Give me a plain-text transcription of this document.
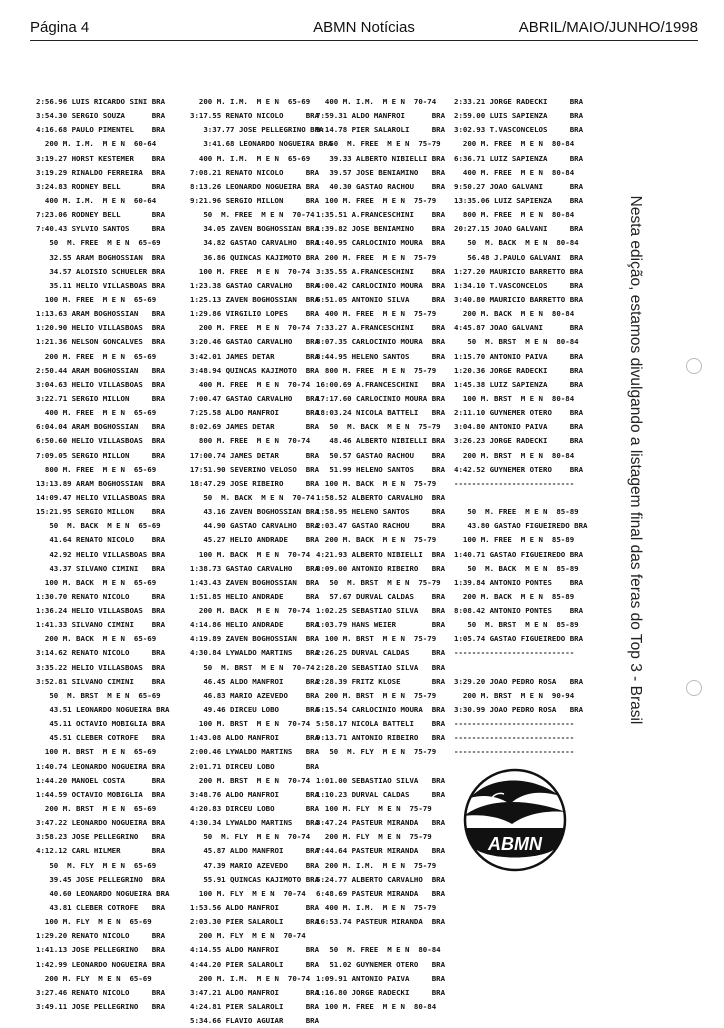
Página 4	ABMN Notícias	ABRIL/MAIO/JUNHO/1998
2:56.96 LUIS RICARDO SINI BRA
3:54.30 SERGIO SOUZA      BRA
4:16.68 PAULO PIMENTEL    BRA
200 M. I.M.  M E N  60-64
3:19.27 HORST KESTEMER    BRA
3:19.29 RINALDO FERREIRA  BRA
3:24.83 RODNEY BELL       BRA
400 M. I.M.  M E N  60-64
7:23.06 RODNEY BELL       BRA
7:40.43 SYLVIO SANTOS     BRA
50  M. FREE  M E N  65-69
32.55 ARAM BOGHOSSIAN  BRA
34.57 ALOISIO SCHUELER BRA
35.11 HELIO VILLASBOAS BRA
100 M. FREE  M E N  65-69
1:13.63 ARAM BOGHOSSIAN   BRA
1:20.90 HELIO VILLASBOAS  BRA
1:21.36 NELSON GONCALVES  BRA
200 M. FREE  M E N  65-69
2:50.44 ARAM BOGHOSSIAN   BRA
3:04.63 HELIO VILLASBOAS  BRA
3:22.71 SERGIO MILLON     BRA
400 M. FREE  M E N  65-69
6:04.04 ARAM BOGHOSSIAN   BRA
6:50.60 HELIO VILLASBOAS  BRA
7:09.05 SERGIO MILLON     BRA
800 M. FREE  M E N  65-69
13:13.89 ARAM BOGHOSSIAN  BRA
14:09.47 HELIO VILLASBOAS BRA
15:21.95 SERGIO MILLON    BRA
50  M. BACK  M E N  65-69
41.64 RENATO NICOLO    BRA
42.92 HELIO VILLASBOAS BRA
43.37 SILVANO CIMINI   BRA
100 M. BACK  M E N  65-69
1:30.70 RENATO NICOLO     BRA
1:36.24 HELIO VILLASBOAS  BRA
1:41.33 SILVANO CIMINI    BRA
200 M. BACK  M E N  65-69
3:14.62 RENATO NICOLO     BRA
3:35.22 HELIO VILLASBOAS  BRA
3:52.81 SILVANO CIMINI    BRA
50  M. BRST  M E N  65-69
43.51 LEONARDO NOGUEIRA BRA
45.11 OCTAVIO MOBIGLIA BRA
45.51 CLEBER COTROFE   BRA
100 M. BRST  M E N  65-69
1:40.74 LEONARDO NOGUEIRA BRA
1:44.20 MANOEL COSTA      BRA
1:44.59 OCTAVIO MOBIGLIA  BRA
200 M. BRST  M E N  65-69
3:47.22 LEONARDO NOGUEIRA BRA
3:58.23 JOSE PELLEGRINO   BRA
4:12.12 CARL HILMER       BRA
50  M. FLY  M E N  65-69
39.45 JOSE PELLEGRINO  BRA
40.60 LEONARDO NOGUEIRA BRA
43.81 CLEBER COTROFE   BRA
100 M. FLY  M E N  65-69
1:29.20 RENATO NICOLO     BRA
1:41.13 JOSE PELLEGRINO   BRA
1:42.99 LEONARDO NOGUEIRA BRA
200 M. FLY  M E N  65-69
3:27.46 RENATO NICOLO     BRA
3:49.11 JOSE PELLEGRINO   BRA
200 M. I.M.  M E N  65-69
3:17.55 RENATO NICOLO     BRA
3:37.77 JOSE PELLEGRINO BRA
3:41.68 LEONARDO NOGUEIRA BRA
400 M. I.M.  M E N  65-69
7:08.21 RENATO NICOLO     BRA
8:13.26 LEONARDO NOGUEIRA BRA
9:21.96 SERGIO MILLON     BRA
50  M. FREE  M E N  70-74
34.05 ZAVEN BOGHOSSIAN BRA
34.82 GASTAO CARVALHO  BRA
36.86 QUINCAS KAJIMOTO BRA
100 M. FREE  M E N  70-74
1:23.38 GASTAO CARVALHO   BRA
1:25.13 ZAVEN BOGHOSSIAN  BRA
1:29.86 VIRGILIO LOPES    BRA
200 M. FREE  M E N  70-74
3:20.46 GASTAO CARVALHO   BRA
3:42.01 JAMES DETAR       BRA
3:48.94 QUINCAS KAJIMOTO  BRA
400 M. FREE  M E N  70-74
7:00.47 GASTAO CARVALHO   BRA
7:25.58 ALDO MANFROI      BRA
8:02.69 JAMES DETAR       BRA
800 M. FREE  M E N  70-74
17:00.74 JAMES DETAR      BRA
17:51.90 SEVERINO VELOSO  BRA
18:47.29 JOSE RIBEIRO     BRA
50  M. BACK  M E N  70-74
43.16 ZAVEN BOGHOSSIAN BRA
44.90 GASTAO CARVALHO  BRA
45.27 HELIO ANDRADE    BRA
100 M. BACK  M E N  70-74
1:38.73 GASTAO CARVALHO   BRA
1:43.43 ZAVEN BOGHOSSIAN  BRA
1:51.85 HELIO ANDRADE     BRA
200 M. BACK  M E N  70-74
4:14.86 HELIO ANDRADE     BRA
4:19.89 ZAVEN BOGHOSSIAN  BRA
4:30.84 LYWALDO MARTINS   BRA
50  M. BRST  M E N  70-74
46.45 ALDO MANFROI     BRA
46.83 MARIO AZEVEDO    BRA
49.46 DIRCEU LOBO      BRA
100 M. BRST  M E N  70-74
1:43.08 ALDO MANFROI      BRA
2:00.46 LYWALDO MARTINS   BRA
2:01.71 DIRCEU LOBO       BRA
200 M. BRST  M E N  70-74
3:48.76 ALDO MANFROI      BRA
4:20.83 DIRCEU LOBO       BRA
4:30.34 LYWALDO MARTINS   BRA
50  M. FLY  M E N  70-74
45.87 ALDO MANFROI     BRA
47.39 MARIO AZEVEDO    BRA
55.91 QUINCAS KAJIMOTO BRA
100 M. FLY  M E N  70-74
1:53.56 ALDO MANFROI      BRA
2:03.30 PIER SALAROLI     BRA
200 M. FLY  M E N  70-74
4:14.55 ALDO MANFROI      BRA
4:44.20 PIER SALAROLI     BRA
200 M. I.M.  M E N  70-74
3:47.21 ALDO MANFROI      BRA
4:24.81 PIER SALAROLI     BRA
5:34.66 FLAVIO AGUIAR     BRA
400 M. I.M.  M E N  70-74
7:59.31 ALDO MANFROI      BRA
9:14.78 PIER SALAROLI     BRA
50  M. FREE  M E N  75-79
39.33 ALBERTO NIBIELLI BRA
39.57 JOSE BENIAMINO   BRA
40.30 GASTAO RACHOU    BRA
100 M. FREE  M E N  75-79
1:35.51 A.FRANCESCHINI    BRA
1:39.82 JOSE BENIAMINO    BRA
1:40.95 CARLOCINIO MOURA  BRA
200 M. FREE  M E N  75-79
3:35.55 A.FRANCESCHINI    BRA
4:00.42 CARLOCINIO MOURA  BRA
6:51.05 ANTONIO SILVA     BRA
400 M. FREE  M E N  75-79
7:33.27 A.FRANCESCHINI    BRA
8:07.35 CARLOCINIO MOURA  BRA
8:44.95 HELENO SANTOS     BRA
800 M. FREE  M E N  75-79
16:00.69 A.FRANCESCHINI   BRA
17:17.60 CARLOCINIO MOURA BRA
18:03.24 NICOLA BATTELI   BRA
50  M. BACK  M E N  75-79
48.46 ALBERTO NIBIELLI BRA
50.57 GASTAO RACHOU    BRA
51.99 HELENO SANTOS    BRA
100 M. BACK  M E N  75-79
1:58.52 ALBERTO CARVALHO  BRA
1:58.95 HELENO SANTOS     BRA
2:03.47 GASTAO RACHOU     BRA
200 M. BACK  M E N  75-79
4:21.93 ALBERTO NIBIELLI  BRA
8:09.00 ANTONIO RIBEIRO   BRA
50  M. BRST  M E N  75-79
57.67 DURVAL CALDAS    BRA
1:02.25 SEBASTIAO SILVA   BRA
1:03.79 HANS WEIER        BRA
100 M. BRST  M E N  75-79
2:26.25 DURVAL CALDAS     BRA
2:28.20 SEBASTIAO SILVA   BRA
2:28.39 FRITZ KLOSE       BRA
200 M. BRST  M E N  75-79
5:15.54 CARLOCINIO MOURA  BRA
5:58.17 NICOLA BATTELI    BRA
9:13.71 ANTONIO RIBEIRO   BRA
50  M. FLY  M E N  75-79
1:01.00 SEBASTIAO SILVA   BRA
1:10.23 DURVAL CALDAS     BRA
100 M. FLY  M E N  75-79
3:47.24 PASTEUR MIRANDA   BRA
200 M. FLY  M E N  75-79
7:44.64 PASTEUR MIRANDA   BRA
200 M. I.M.  M E N  75-79
5:24.77 ALBERTO CARVALHO  BRA
6:48.69 PASTEUR MIRANDA   BRA
400 M. I.M.  M E N  75-79
16:53.74 PASTEUR MIRANDA  BRA
50  M. FREE  M E N  80-84
51.02 GUYNEMER OTERO   BRA
1:09.91 ANTONIO PAIVA     BRA
1:16.80 JORGE RADECKI     BRA
100 M. FREE  M E N  80-84
2:33.21 JORGE RADECKI     BRA
2:59.00 LUIS SAPIENZA     BRA
3:02.93 T.VASCONCELOS     BRA
200 M. FREE  M E N  80-84
6:36.71 LUIZ SAPIENZA     BRA
400 M. FREE  M E N  80-84
9:50.27 JOAO GALVANI      BRA
13:35.06 LUIZ SAPIENZA    BRA
800 M. FREE  M E N  80-84
20:27.15 JOAO GALVANI     BRA
50  M. BACK  M E N  80-84
56.48 J.PAULO GALVANI  BRA
1:27.20 MAURICIO BARRETTO BRA
1:34.10 T.VASCONCELOS     BRA
3:40.80 MAURICIO BARRETTO BRA
200 M. BACK  M E N  80-84
4:45.87 JOAO GALVANI      BRA
50  M. BRST  M E N  80-84
1:15.70 ANTONIO PAIVA     BRA
1:20.36 JORGE RADECKI     BRA
1:45.38 LUIZ SAPIENZA     BRA
100 M. BRST  M E N  80-84
2:11.10 GUYNEMER OTERO    BRA
3:04.80 ANTONIO PAIVA     BRA
3:26.23 JORGE RADECKI     BRA
200 M. BRST  M E N  80-84
4:42.52 GUYNEMER OTERO    BRA
---------------------------
50  M. FREE  M E N  85-89
43.80 GASTAO FIGUEIREDO BRA
100 M. FREE  M E N  85-89
1:40.71 GASTAO FIGUEIREDO BRA
50  M. BACK  M E N  85-89
1:39.84 ANTONIO PONTES    BRA
200 M. BACK  M E N  85-89
8:08.42 ANTONIO PONTES    BRA
50  M. BRST  M E N  85-89
1:05.74 GASTAO FIGUEIREDO BRA
---------------------------
3:29.20 JOAO PEDRO ROSA   BRA
200 M. BRST  M E N  90-94
3:30.99 JOAO PEDRO ROSA   BRA
---------------------------
---------------------------
---------------------------
Nesta edição, estamos divulgando a listagem final das feras do Top 3 - Brasil
ABMN
